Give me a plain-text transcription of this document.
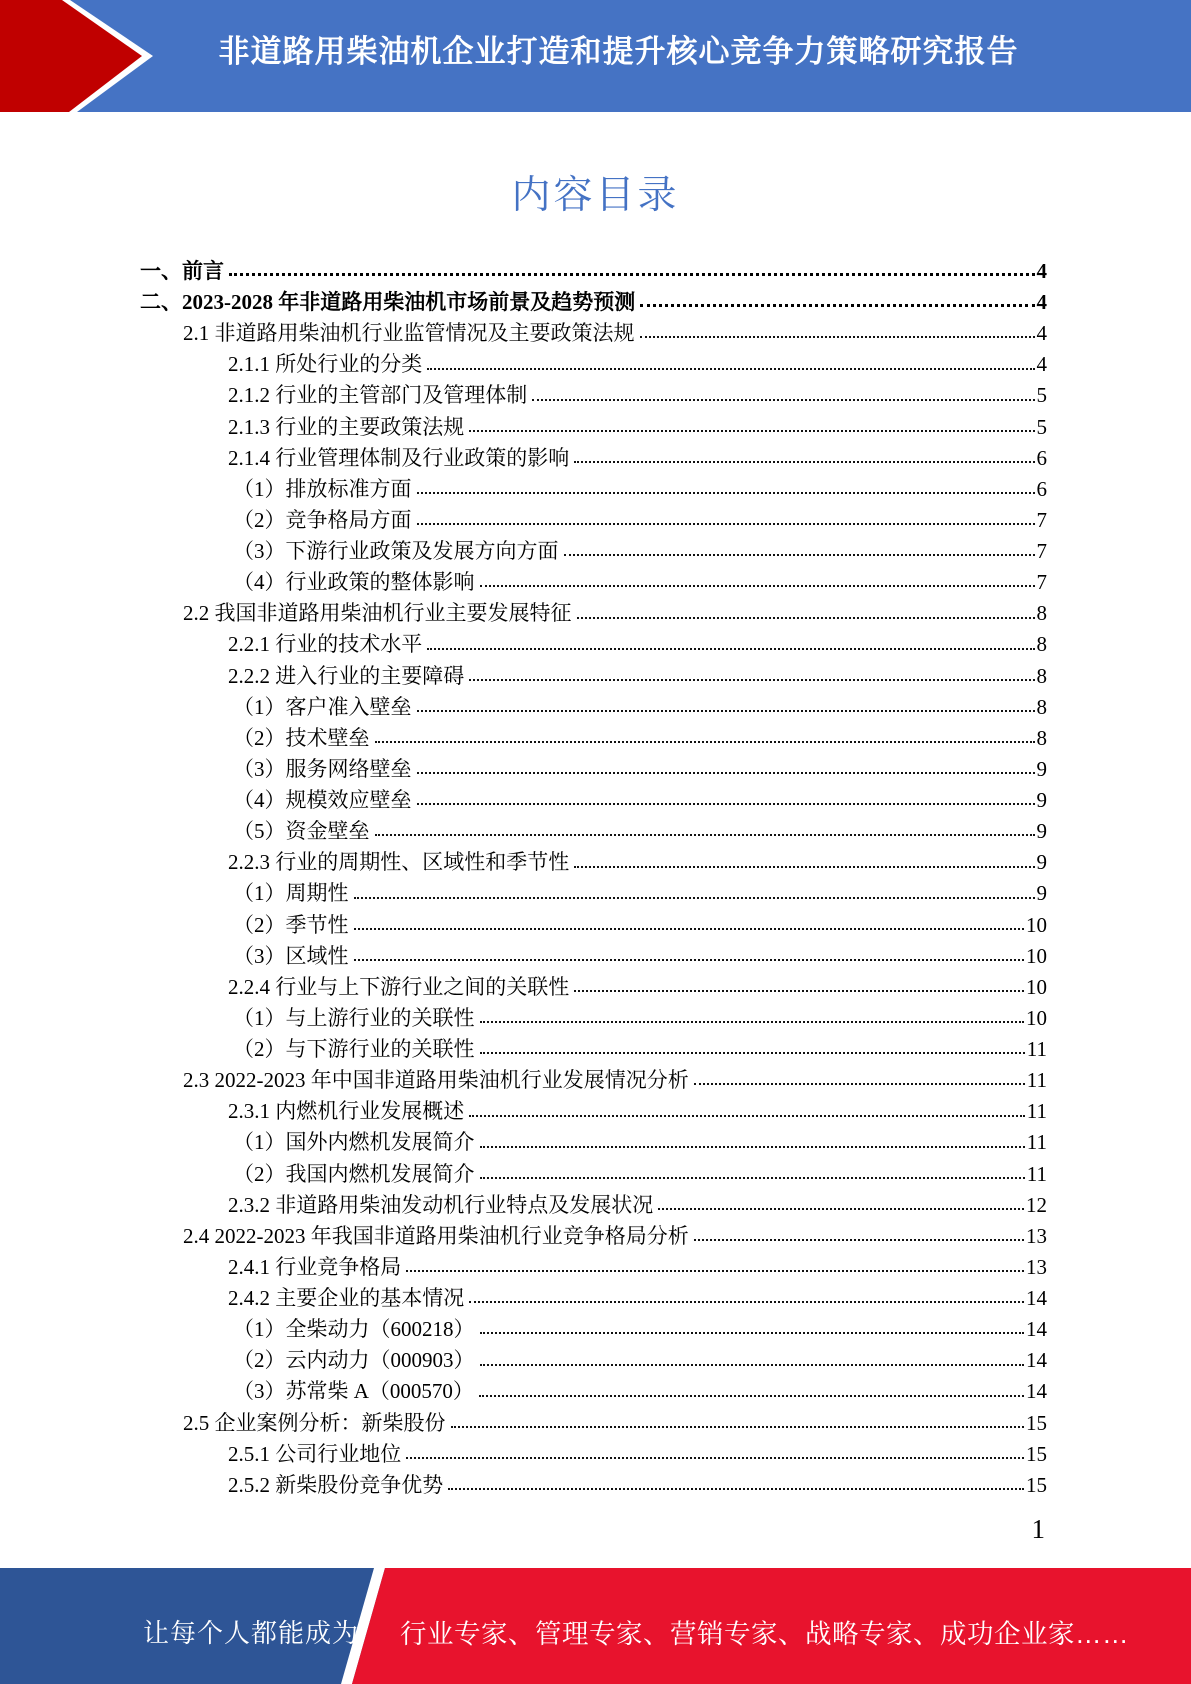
非道路用柴油机企业打造和提升核心竞争力策略研究报告
内容目录
一、前言	4
二、2023-2028 年非道路用柴油机市场前景及趋势预测	4
2.1 非道路用柴油机行业监管情况及主要政策法规	4
2.1.1 所处行业的分类	4
2.1.2 行业的主管部门及管理体制	5
2.1.3 行业的主要政策法规	5
2.1.4 行业管理体制及行业政策的影响	6
（1）排放标准方面	6
（2）竞争格局方面	7
（3）下游行业政策及发展方向方面	7
（4）行业政策的整体影响	7
2.2 我国非道路用柴油机行业主要发展特征	8
2.2.1 行业的技术水平	8
2.2.2 进入行业的主要障碍	8
（1）客户准入壁垒	8
（2）技术壁垒	8
（3）服务网络壁垒	9
（4）规模效应壁垒	9
（5）资金壁垒	9
2.2.3 行业的周期性、区域性和季节性	9
（1）周期性	9
（2）季节性	10
（3）区域性	10
2.2.4 行业与上下游行业之间的关联性	10
（1）与上游行业的关联性	10
（2）与下游行业的关联性	11
2.3 2022-2023 年中国非道路用柴油机行业发展情况分析	11
2.3.1 内燃机行业发展概述	11
（1）国外内燃机发展简介	11
（2）我国内燃机发展简介	11
2.3.2 非道路用柴油发动机行业特点及发展状况	12
2.4 2022-2023 年我国非道路用柴油机行业竞争格局分析	13
2.4.1 行业竞争格局	13
2.4.2 主要企业的基本情况	14
（1）全柴动力（600218）	14
（2）云内动力（000903）	14
（3）苏常柴 A（000570）	14
2.5 企业案例分析：新柴股份	15
2.5.1 公司行业地位	15
2.5.2 新柴股份竞争优势	15
1
让每个人都能成为 行业专家、管理专家、营销专家、战略专家、成功企业家……
